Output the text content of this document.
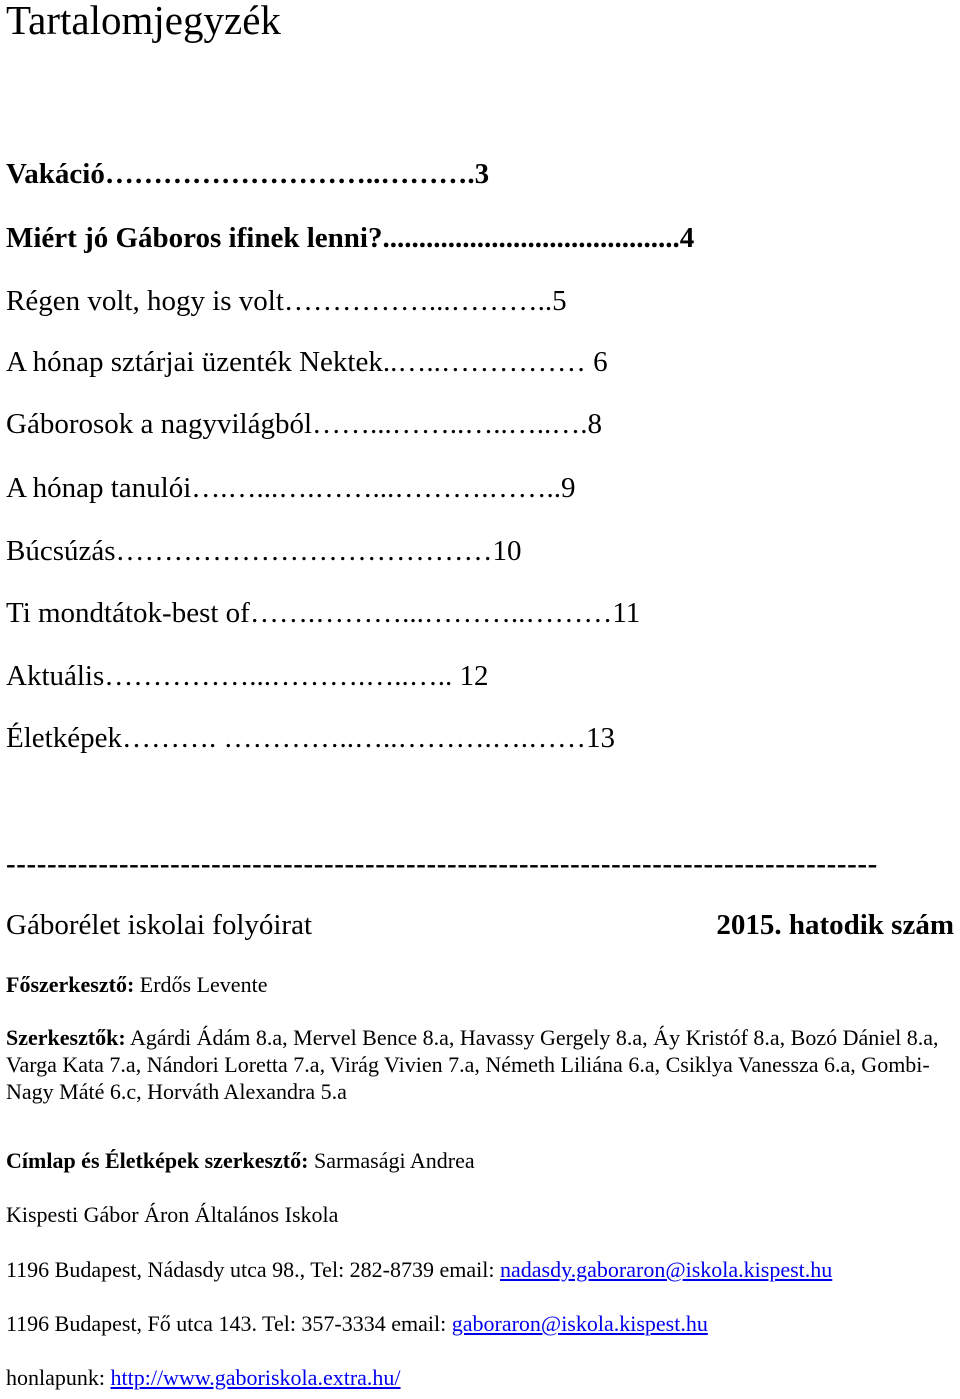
Tartalomjegyzék

Vakáció………………………..……….3

Miért jó Gáboros ifinek lenni?.........................................4

Régen volt, hogy is volt……………...………..5

A hónap sztárjai üzenték Nektek..…..…………… 6

Gáborosok a nagyvilágból……...……..…..…..….8

A hónap tanulói….…...….……...……….……..9

Búcsúzás…………………………………10

Ti mondtátok-best of…….………...………..………11

Aktuális……………...……….…..….. 12

Életképek………. …………..…..……….….……13

-------------------------------------------------------------------------------------

Gáborélet iskolai folyóirat	2015. hatodik szám

Főszerkesztő: Erdős Levente

Szerkesztők: Agárdi Ádám 8.a, Mervel Bence 8.a, Havassy Gergely 8.a, Áy Kristóf 8.a, Bozó Dániel 8.a, Varga Kata 7.a, Nándori Loretta 7.a, Virág Vivien 7.a, Németh Liliána 6.a, Csiklya Vanessza 6.a, Gombi-Nagy Máté 6.c, Horváth Alexandra 5.a

Címlap és Életképek szerkesztő: Sarmasági Andrea

Kispesti Gábor Áron Általános Iskola

1196 Budapest, Nádasdy utca 98., Tel: 282-8739 email: nadasdy.gaboraron@iskola.kispest.hu

1196 Budapest, Fő utca 143. Tel: 357-3334 email: gaboraron@iskola.kispest.hu

honlapunk: http://www.gaboriskola.extra.hu/
